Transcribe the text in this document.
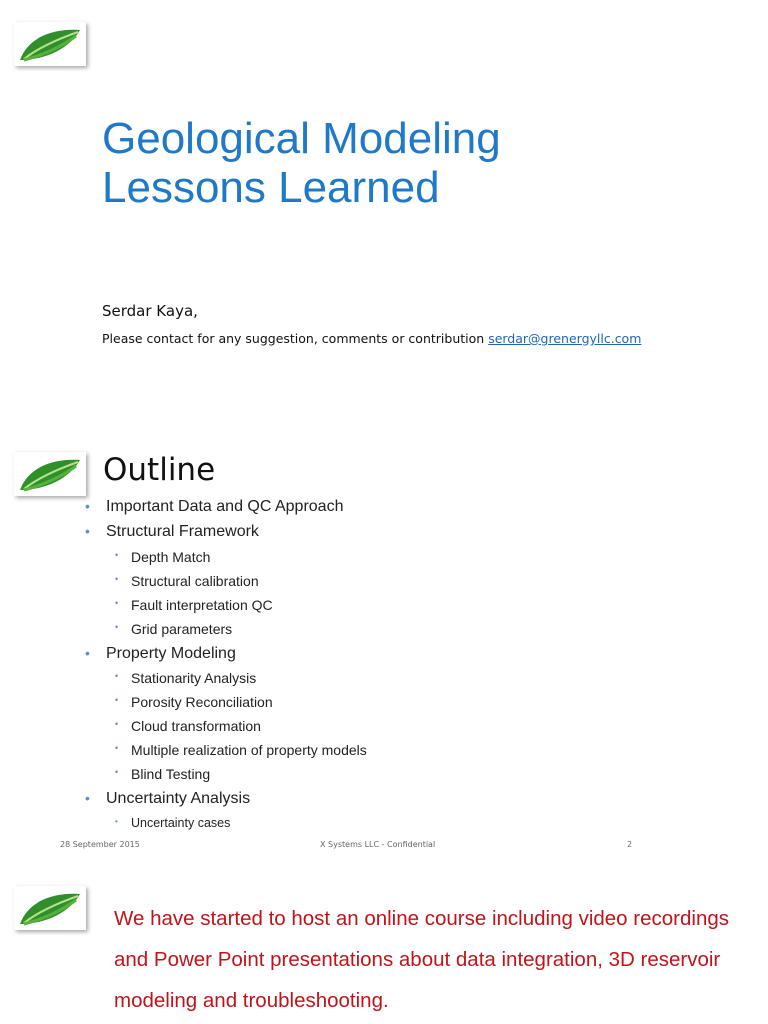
Geological Modeling
Lessons Learned
Serdar Kaya,
Please contact for any suggestion, comments or contribution serdar@grenergyllc.com
Outline
• Important Data and QC Approach
• Structural Framework
• Depth Match
• Structural calibration
• Fault interpretation QC
• Grid parameters
• Property Modeling
• Stationarity Analysis
• Porosity Reconciliation
• Cloud transformation
• Multiple realization of property models
• Blind Testing
• Uncertainty Analysis
• Uncertainty cases
28 September 2015	X Systems LLC - Confidential	2

We have started to host an online course including video recordings and Power Point presentations about data integration, 3D reservoir modeling and troubleshooting.
